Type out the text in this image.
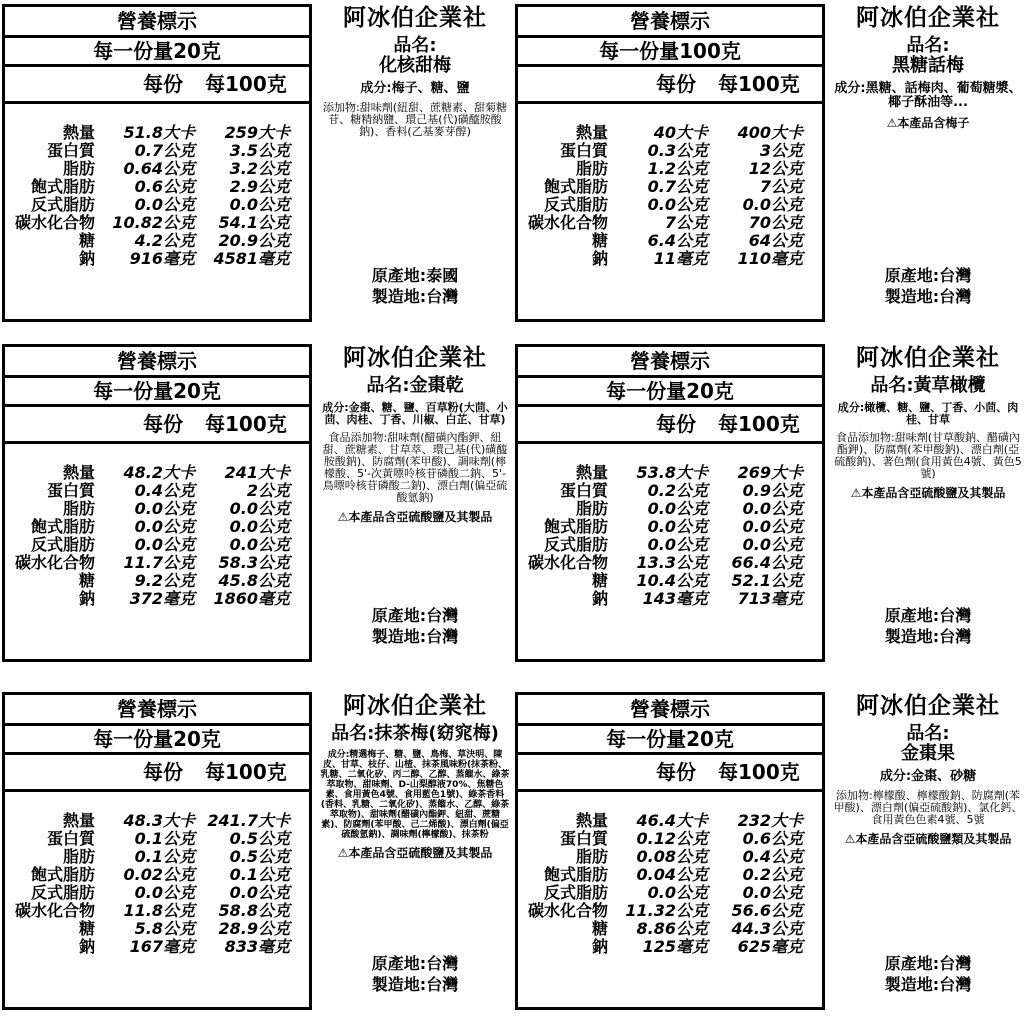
營養標示
每一份量20克
每份 每100克
熱量	51.8大卡	259大卡
蛋白質	0.7公克	3.5公克
脂肪	0.64公克	3.2公克
飽式脂肪	0.6公克	2.9公克
反式脂肪	0.0公克	0.0公克
碳水化合物	10.82公克	54.1公克
糖	4.2公克	20.9公克
鈉	916毫克	4581毫克
阿冰伯企業社
品名:
化核甜梅
成分:梅子、糖、鹽
添加物:甜味劑(紐甜、蔗糖素、甜菊糖苷、糖精納鹽、環己基(代)磺醯胺酸鈉)、香料(乙基麥芽醇)
原產地:泰國
製造地:台灣
營養標示
每一份量100克
每份 每100克
熱量	40大卡	400大卡
蛋白質	0.3公克	3公克
脂肪	1.2公克	12公克
飽式脂肪	0.7公克	7公克
反式脂肪	0.0公克	0.0公克
碳水化合物	7公克	70公克
糖	6.4公克	64公克
鈉	11毫克	110毫克
阿冰伯企業社
品名:
黑糖話梅
成分:黑糖、話梅肉、葡萄糖漿、椰子酥油等...
⚠本產品含梅子
原產地:台灣
製造地:台灣
營養標示
每一份量20克
每份 每100克
熱量	48.2大卡	241大卡
蛋白質	0.4公克	2公克
脂肪	0.0公克	0.0公克
飽式脂肪	0.0公克	0.0公克
反式脂肪	0.0公克	0.0公克
碳水化合物	11.7公克	58.3公克
糖	9.2公克	45.8公克
鈉	372毫克	1860毫克
阿冰伯企業社
品名:金棗乾
成分:金棗、糖、鹽、百草粉(大茴、小茴、肉桂、丁香、川椒、白芷、甘草)
食品添加物:甜味劑(醋磺內酯鉀、紐甜、蔗糖素、甘草萃、環己基(代)磺醯胺酸鈉)、防腐劑(苯甲酸)、調味劑(檸檬酸、5'-次黃嘌呤核苷磷酸二鈉、5'-鳥嘌呤核苷磷酸二鈉)、漂白劑(偏亞硫酸氫鈉)
⚠本產品含亞硫酸鹽及其製品
原產地:台灣
製造地:台灣
營養標示
每一份量20克
每份 每100克
熱量	53.8大卡	269大卡
蛋白質	0.2公克	0.9公克
脂肪	0.0公克	0.0公克
飽式脂肪	0.0公克	0.0公克
反式脂肪	0.0公克	0.0公克
碳水化合物	13.3公克	66.4公克
糖	10.4公克	52.1公克
鈉	143毫克	713毫克
阿冰伯企業社
品名:黃草橄欖
成分:橄欖、糖、鹽、丁香、小茴、肉桂、甘草
食品添加物:甜味劑(甘草酸鈉、醋磺內酯鉀)、防腐劑(苯甲酸鈉)、漂白劑(亞硫酸鈉)、著色劑(食用黃色4號、黃色5號)
⚠本產品含亞硫酸鹽及其製品
原產地:台灣
製造地:台灣
營養標示
每一份量20克
每份 每100克
熱量	48.3大卡 241.7大卡
蛋白質	0.1公克	0.5公克
脂肪	0.1公克	0.5公克
飽式脂肪	0.02公克	0.1公克
反式脂肪	0.0公克	0.0公克
碳水化合物	11.8公克	58.8公克
糖	5.8公克	28.9公克
鈉	167毫克	833毫克
阿冰伯企業社
品名:抹茶梅(窈窕梅)
成分:精選梅子、糖、鹽、鳥梅、草決明、陳皮、甘草、枝仔、山楂、抹茶風味粉(抹茶粉、乳糖、二氧化矽、丙二醇、乙醇、蒸餾水、綠茶萃取物、甜味劑、D-山梨醇液70%、焦糖色素、食用黃色4號、食用藍色1號)、綠茶香料(香料、乳糖、二氧化矽)、蒸餾水、乙醇、綠茶萃取物)、甜味劑(醋磺內酯鉀、紐甜、蔗糖素)、防腐劑(苯甲酸、己二烯酸)、漂白劑(偏亞硫酸氫鈉)、調味劑(檸檬酸)、抹茶粉
⚠本產品含亞硫酸鹽及其製品
原產地:台灣
製造地:台灣
營養標示
每一份量20克
每份 每100克
熱量	46.4大卡	232大卡
蛋白質	0.12公克	0.6公克
脂肪	0.08公克	0.4公克
飽式脂肪	0.04公克	0.2公克
反式脂肪	0.0公克	0.0公克
碳水化合物	11.32公克	56.6公克
糖	8.86公克	44.3公克
鈉	125毫克	625毫克
阿冰伯企業社
品名:
金棗果
成分:金棗、砂糖
添加物:檸檬酸、檸檬酸鈉、防腐劑(苯甲酸)、漂白劑(偏亞硫酸鈉)、氯化鈣、食用黃色色素4號、5號
⚠本產品含亞硫酸鹽類及其製品
原產地:台灣
製造地:台灣
